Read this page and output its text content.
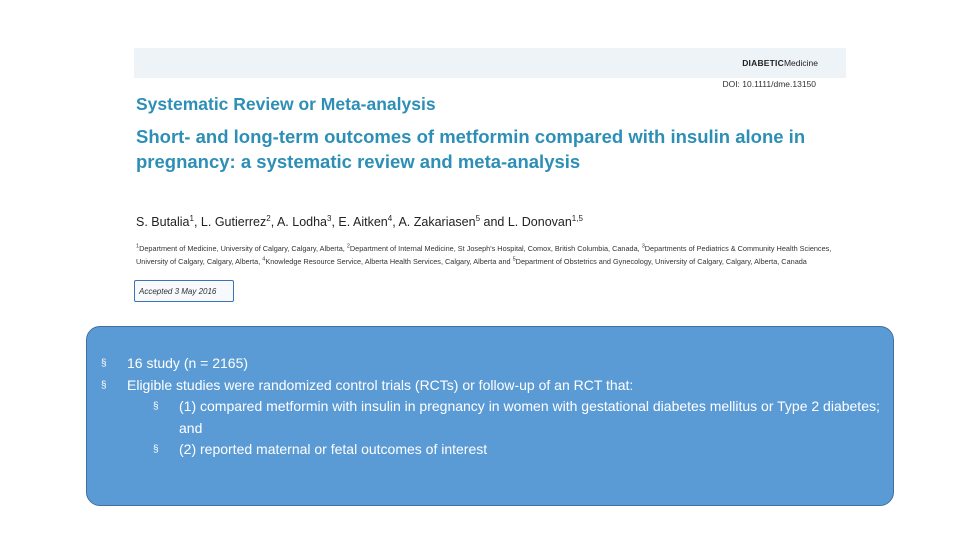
DIABETICMedicine
DOI: 10.1111/dme.13150
Systematic Review or Meta-analysis
Short- and long-term outcomes of metformin compared with insulin alone in pregnancy: a systematic review and meta-analysis
S. Butalia$^1$, L. Gutierrez$^2$, A. Lodha$^3$, E. Aitken$^4$, A. Zakariasen$^5$ and L. Donovan$^{1,5}$
$^1$Department of Medicine, University of Calgary, Calgary, Alberta, $^2$Department of Internal Medicine, St Joseph's Hospital, Comox, British Columbia, Canada, $^3$Departments of Pediatrics & Community Health Sciences, University of Calgary, Calgary, Alberta, $^4$Knowledge Resource Service, Alberta Health Services, Calgary, Alberta and $^5$Department of Obstetrics and Gynecology, University of Calgary, Calgary, Alberta, Canada
Accepted 3 May 2016
§ 16 study (n = 2165)
§ Eligible studies were randomized control trials (RCTs) or follow-up of an RCT that:
§ (1) compared metformin with insulin in pregnancy in women with gestational diabetes mellitus or Type 2 diabetes; and
§ (2) reported maternal or fetal outcomes of interest
